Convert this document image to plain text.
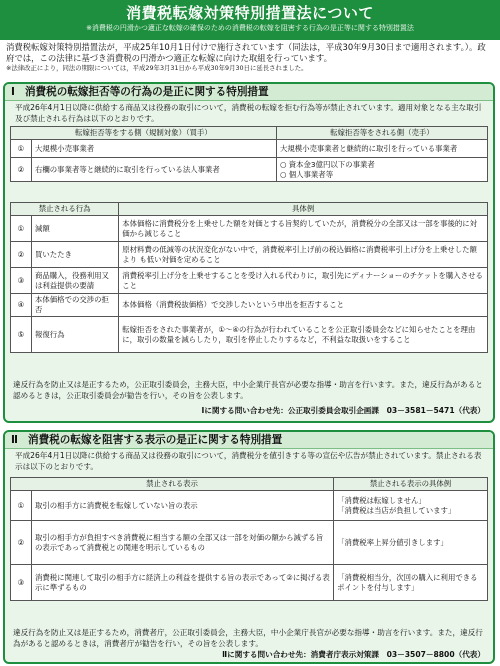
消費税転嫁対策特別措置法について
※消費税の円滑かつ適正な転嫁の確保のための消費税の転嫁を阻害する行為の是正等に関する特別措置法
消費税転嫁対策特別措置法が，平成25年10月1日付けで施行されています（同法は，平成30年9月30日まで適用されます。）。政府では，この法律に基づき消費税の円滑かつ適正な転嫁に向けた取組を行っています。
※法律改正により，同法の期限については，平成29年3月31日から平成30年9月30日に延長されました。
Ⅰ 消費税の転嫁拒否等の行為の是正に関する特別措置
平成26年4月1日以降に供給する商品又は役務の取引について，消費税の転嫁を拒む行為等が禁止されています。適用対象となる主な取引及び禁止される行為は以下のとおりです。
転嫁拒否等をする側（規制対象）（買手）		転嫁拒否等をされる側（売手）
①	大規模小売事業者	大規模小売事業者と継続的に取引を行っている事業者
②	右欄の事業者等と継続的に取引を行っている法人事業者	○ 資本金3億円以下の事業者
○ 個人事業者等
禁止される行為		具体例
①	減額	本体価格に消費税分を上乗せした額を対価とする旨契約していたが，消費税分の全部又は一部を事後的に対価から減じること
②	買いたたき	原材料費の低減等の状況変化がない中で，消費税率引上げ前の税込価格に消費税率引上げ分を上乗せした額より も低い対価を定めること
③	商品購入，役務利用又は利益提供の要請	消費税率引上げ分を上乗せすることを受け入れる代わりに，取引先にディナーショーのチケットを購入させること
④	本体価格での交渉の拒否	本体価格（消費税抜価格）で交渉したいという申出を拒否すること
⑤	報復行為	転嫁拒否をされた事業者が，①～④の行為が行われていることを公正取引委員会などに知らせたことを理由に，取引の数量を減らしたり，取引を停止したりするなど，不利益な取扱いをすること
違反行為を防止又は是正するため，公正取引委員会，主務大臣，中小企業庁長官が必要な指導・助言を行います。また，違反行為があると認めるときは，公正取引委員会が勧告を行い，その旨を公表します。
Ⅰに関する問い合わせ先：公正取引委員会取引企画課　03－3581－5471（代表）
Ⅱ 消費税の転嫁を阻害する表示の是正に関する特別措置
平成26年4月1日以降に供給する商品又は役務の取引について，消費税分を値引きする等の宣伝や広告が禁止されています。禁止される表示は以下のとおりです。
禁止される表示		禁止される表示の具体例
①	取引の相手方に消費税を転嫁していない旨の表示	「消費税は転嫁しません」
「消費税は当店が負担しています」

②	取引の相手方が負担すべき消費税に相当する額の全部又は一部を対価の額から減ずる旨の表示であって消費税との関連を明示しているもの	「消費税率上昇分値引きします」

③	消費税に関連して取引の相手方に経済上の利益を提供する旨の表示であって②に掲げる表示に準ずるもの	「消費税相当分，次回の購入に利用できるポイントを付与します」
違反行為を防止又は是正するため，消費者庁，公正取引委員会，主務大臣，中小企業庁長官が必要な指導・助言を行います。また，違反行為があると認めるときは，消費者庁が勧告を行い，その旨を公表します。
Ⅱに関する問い合わせ先：消費者庁表示対策課　03－3507－8800（代表）
